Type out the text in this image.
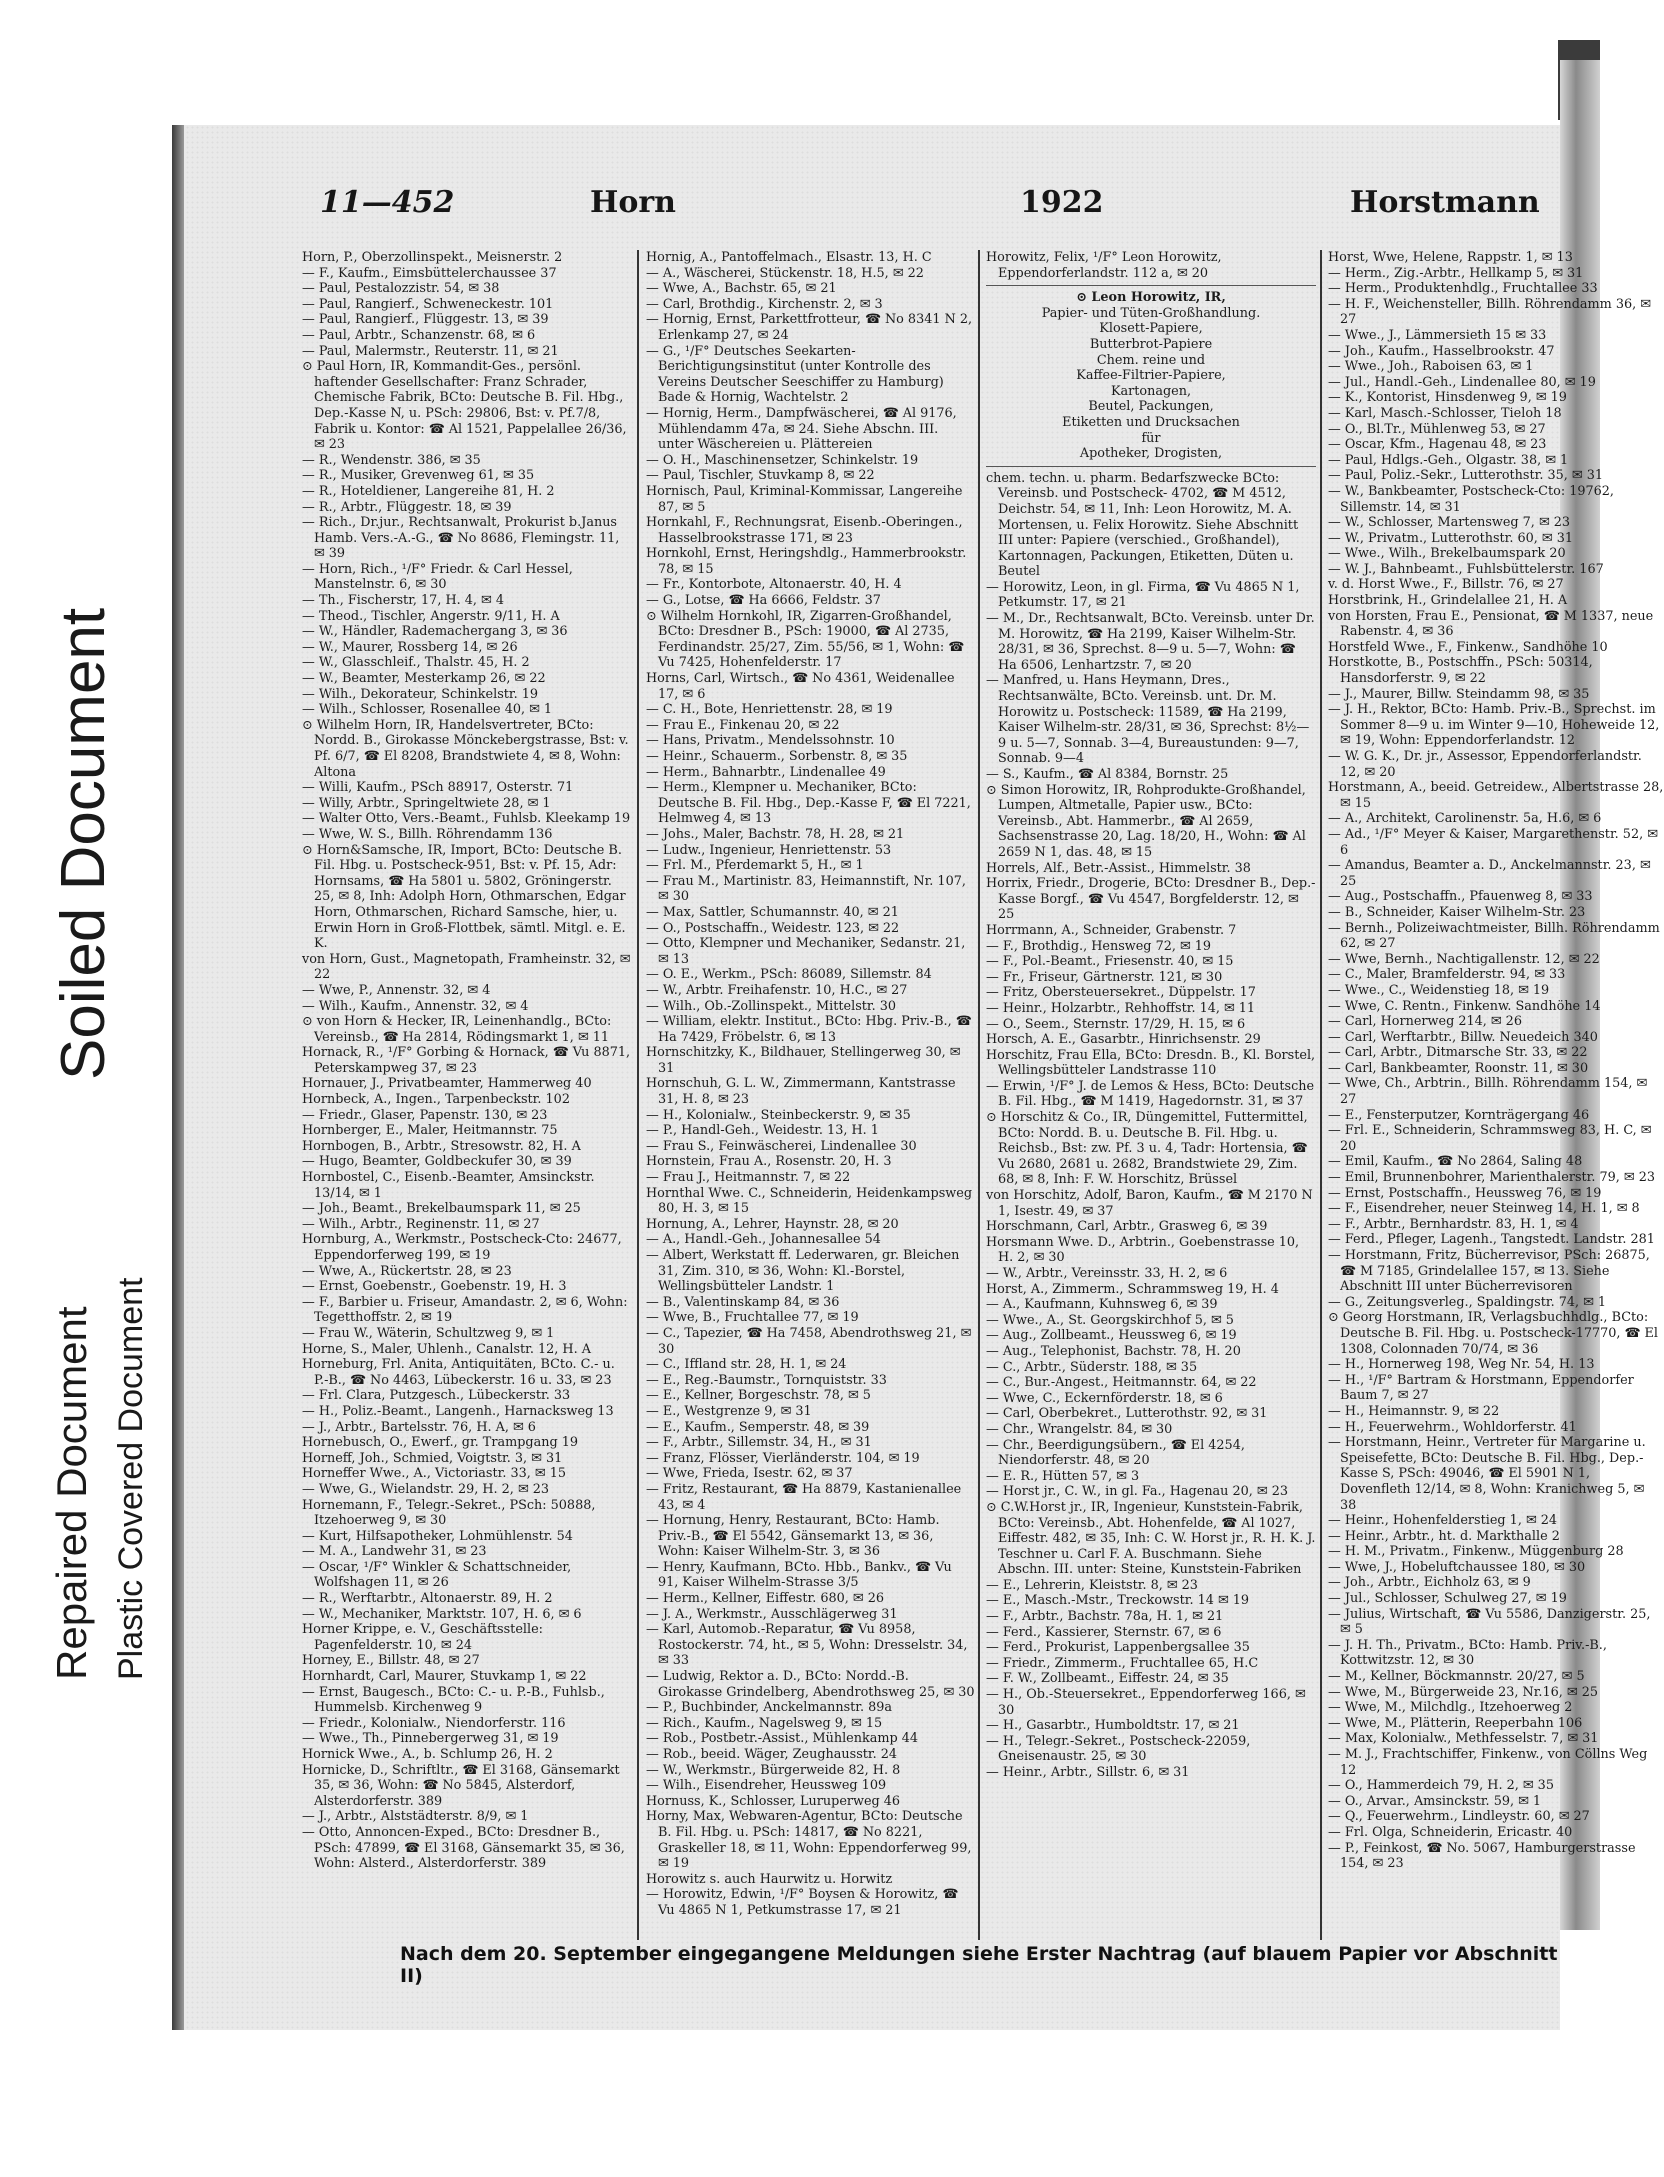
Soiled Document
Repaired Document Plastic Covered Document
11—452	Horn	1922	Horstmann

Horn, P., Oberzollinspekt., Meisnerstr. 2

— F., Kaufm., Eimsbüttelerchaussee 37

— Paul, Pestalozzistr. 54, ✉ 38

— Paul, Rangierf., Schweneckestr. 101

— Paul, Rangierf., Flüggestr. 13, ✉ 39

— Paul, Arbtr., Schanzenstr. 68, ✉ 6

— Paul, Malermstr., Reuterstr. 11, ✉ 21

⊙ Paul Horn, IR, Kommandit-Ges., persönl. haftender Gesellschafter: Franz Schrader, Chemische Fabrik, BCto: Deutsche B. Fil. Hbg., Dep.-Kasse N, u. PSch: 29806, Bst: v. Pf.7/8, Fabrik u. Kontor: ☎ Al 1521, Pappelallee 26/36, ✉ 23

— R., Wendenstr. 386, ✉ 35

— R., Musiker, Grevenweg 61, ✉ 35

— R., Hoteldiener, Langereihe 81, H. 2

— R., Arbtr., Flüggestr. 18, ✉ 39

— Rich., Dr.jur., Rechtsanwalt, Prokurist b.Janus Hamb. Vers.-A.-G., ☎ No 8686, Flemingstr. 11, ✉ 39

— Horn, Rich., ¹/F° Friedr. & Carl Hessel, Manstelnstr. 6, ✉ 30

— Th., Fischerstr, 17, H. 4, ✉ 4

— Theod., Tischler, Angerstr. 9/11, H. A

— W., Händler, Rademachergang 3, ✉ 36

— W., Maurer, Rossberg 14, ✉ 26

— W., Glasschleif., Thalstr. 45, H. 2

— W., Beamter, Mesterkamp 26, ✉ 22

— Wilh., Dekorateur, Schinkelstr. 19

— Wilh., Schlosser, Rosenallee 40, ✉ 1

⊙ Wilhelm Horn, IR, Handelsvertreter, BCto: Nordd. B., Girokasse Mönckebergstrasse, Bst: v. Pf. 6/7, ☎ El 8208, Brandstwiete 4, ✉ 8, Wohn: Altona

— Willi, Kaufm., PSch 88917, Osterstr. 71

— Willy, Arbtr., Springeltwiete 28, ✉ 1

— Walter Otto, Vers.-Beamt., Fuhlsb. Kleekamp 19

— Wwe, W. S., Billh. Röhrendamm 136

⊙ Horn&Samsche, IR, Import, BCto: Deutsche B. Fil. Hbg. u. Postscheck-951, Bst: v. Pf. 15, Adr: Hornsams, ☎ Ha 5801 u. 5802, Gröningerstr. 25, ✉ 8, Inh: Adolph Horn, Othmarschen, Edgar Horn, Othmarschen, Richard Samsche, hier, u. Erwin Horn in Groß-Flottbek, sämtl. Mitgl. e. E. K.

von Horn, Gust., Magnetopath, Framheinstr. 32, ✉ 22

— Wwe, P., Annenstr. 32, ✉ 4

— Wilh., Kaufm., Annenstr. 32, ✉ 4

⊙ von Horn & Hecker, IR, Leinenhandlg., BCto: Vereinsb., ☎ Ha 2814, Rödingsmarkt 1, ✉ 11

Hornack, R., ¹/F° Gorbing & Hornack, ☎ Vu 8871, Peterskampweg 37, ✉ 23

Hornauer, J., Privatbeamter, Hammerweg 40

Hornbeck, A., Ingen., Tarpenbeckstr. 102

— Friedr., Glaser, Papenstr. 130, ✉ 23

Hornberger, E., Maler, Heitmannstr. 75

Hornbogen, B., Arbtr., Stresowstr. 82, H. A

— Hugo, Beamter, Goldbeckufer 30, ✉ 39

Hornbostel, C., Eisenb.-Beamter, Amsinckstr. 13/14, ✉ 1

— Joh., Beamt., Brekelbaumspark 11, ✉ 25

— Wilh., Arbtr., Reginenstr. 11, ✉ 27

Hornburg, A., Werkmstr., Postscheck-Cto: 24677, Eppendorferweg 199, ✉ 19

— Wwe, A., Rückertstr. 28, ✉ 23

— Ernst, Goebenstr., Goebenstr. 19, H. 3

— F., Barbier u. Friseur, Amandastr. 2, ✉ 6, Wohn: Tegetthoffstr. 2, ✉ 19

— Frau W., Wäterin, Schultzweg 9, ✉ 1

Horne, S., Maler, Uhlenh., Canalstr. 12, H. A

Horneburg, Frl. Anita, Antiquitäten, BCto. C.- u. P.-B., ☎ No 4463, Lübeckerstr. 16 u. 33, ✉ 23

— Frl. Clara, Putzgesch., Lübeckerstr. 33

— H., Poliz.-Beamt., Langenh., Harnacksweg 13

— J., Arbtr., Bartelsstr. 76, H. A, ✉ 6

Hornebusch, O., Ewerf., gr. Trampgang 19

Horneff, Joh., Schmied, Voigtstr. 3, ✉ 31

Horneffer Wwe., A., Victoriastr. 33, ✉ 15

— Wwe, G., Wielandstr. 29, H. 2, ✉ 23

Hornemann, F., Telegr.-Sekret., PSch: 50888, Itzehoerweg 9, ✉ 30

— Kurt, Hilfsapotheker, Lohmühlenstr. 54

— M. A., Landwehr 31, ✉ 23

— Oscar, ¹/F° Winkler & Schattschneider, Wolfshagen 11, ✉ 26

— R., Werftarbtr., Altonaerstr. 89, H. 2

— W., Mechaniker, Marktstr. 107, H. 6, ✉ 6

Horner Krippe, e. V., Geschäftsstelle: Pagenfelderstr. 10, ✉ 24

Horney, E., Billstr. 48, ✉ 27

Hornhardt, Carl, Maurer, Stuvkamp 1, ✉ 22

— Ernst, Baugesch., BCto: C.- u. P.-B., Fuhlsb., Hummelsb. Kirchenweg 9

— Friedr., Kolonialw., Niendorferstr. 116

— Wwe., Th., Pinnebergerweg 31, ✉ 19

Hornick Wwe., A., b. Schlump 26, H. 2

Hornicke, D., Schriftltr., ☎ El 3168, Gänsemarkt 35, ✉ 36, Wohn: ☎ No 5845, Alsterdorf, Alsterdorferstr. 389

— J., Arbtr., Alststädterstr. 8/9, ✉ 1

— Otto, Annoncen-Exped., BCto: Dresdner B., PSch: 47899, ☎ El 3168, Gänsemarkt 35, ✉ 36, Wohn: Alsterd., Alsterdorferstr. 389

Hornig, A., Pantoffelmach., Elsastr. 13, H. C

— A., Wäscherei, Stückenstr. 18, H.5, ✉ 22

— Wwe, A., Bachstr. 65, ✉ 21

— Carl, Brothdig., Kirchenstr. 2, ✉ 3

— Hornig, Ernst, Parkettfrotteur, ☎ No 8341 N 2, Erlenkamp 27, ✉ 24

— G., ¹/F° Deutsches Seekarten-Berichtigungsinstitut (unter Kontrolle des Vereins Deutscher Seeschiffer zu Hamburg) Bade & Hornig, Wachtelstr. 2

— Hornig, Herm., Dampfwäscherei, ☎ Al 9176, Mühlendamm 47a, ✉ 24. Siehe Abschn. III. unter Wäschereien u. Plättereien

— O. H., Maschinensetzer, Schinkelstr. 19

— Paul, Tischler, Stuvkamp 8, ✉ 22

Hornisch, Paul, Kriminal-Kommissar, Langereihe 87, ✉ 5

Hornkahl, F., Rechnungsrat, Eisenb.-Oberingen., Hasselbrookstrasse 171, ✉ 23

Hornkohl, Ernst, Heringshdlg., Hammerbrookstr. 78, ✉ 15

— Fr., Kontorbote, Altonaerstr. 40, H. 4

— G., Lotse, ☎ Ha 6666, Feldstr. 37

⊙ Wilhelm Hornkohl, IR, Zigarren-Großhandel, BCto: Dresdner B., PSch: 19000, ☎ Al 2735, Ferdinandstr. 25/27, Zim. 55/56, ✉ 1, Wohn: ☎ Vu 7425, Hohenfelderstr. 17

Horns, Carl, Wirtsch., ☎ No 4361, Weidenallee 17, ✉ 6

— C. H., Bote, Henriettenstr. 28, ✉ 19

— Frau E., Finkenau 20, ✉ 22

— Hans, Privatm., Mendelssohnstr. 10

— Heinr., Schauerm., Sorbenstr. 8, ✉ 35

— Herm., Bahnarbtr., Lindenallee 49

— Herm., Klempner u. Mechaniker, BCto: Deutsche B. Fil. Hbg., Dep.-Kasse F, ☎ El 7221, Helmweg 4, ✉ 13

— Johs., Maler, Bachstr. 78, H. 28, ✉ 21

— Ludw., Ingenieur, Henriettenstr. 53

— Frl. M., Pferdemarkt 5, H., ✉ 1

— Frau M., Martinistr. 83, Heimannstift, Nr. 107, ✉ 30

— Max, Sattler, Schumannstr. 40, ✉ 21

— O., Postschaffn., Weidestr. 123, ✉ 22

— Otto, Klempner und Mechaniker, Sedanstr. 21, ✉ 13

— O. E., Werkm., PSch: 86089, Sillemstr. 84

— W., Arbtr. Freihafenstr. 10, H.C., ✉ 27

— Wilh., Ob.-Zollinspekt., Mittelstr. 30

— William, elektr. Institut., BCto: Hbg. Priv.-B., ☎ Ha 7429, Fröbelstr. 6, ✉ 13

Hornschitzky, K., Bildhauer, Stellingerweg 30, ✉ 31

Hornschuh, G. L. W., Zimmermann, Kantstrasse 31, H. 8, ✉ 23

— H., Kolonialw., Steinbeckerstr. 9, ✉ 35

— P., Handl-Geh., Weidestr. 13, H. 1

— Frau S., Feinwäscherei, Lindenallee 30

Hornstein, Frau A., Rosenstr. 20, H. 3

— Frau J., Heitmannstr. 7, ✉ 22

Hornthal Wwe. C., Schneiderin, Heidenkampsweg 80, H. 3, ✉ 15

Hornung, A., Lehrer, Haynstr. 28, ✉ 20

— A., Handl.-Geh., Johannesallee 54

— Albert, Werkstatt ff. Lederwaren, gr. Bleichen 31, Zim. 310, ✉ 36, Wohn: Kl.-Borstel, Wellingsbütteler Landstr. 1

— B., Valentinskamp 84, ✉ 36

— Wwe, B., Fruchtallee 77, ✉ 19

— C., Tapezier, ☎ Ha 7458, Abendrothsweg 21, ✉ 30

— C., Iffland str. 28, H. 1, ✉ 24

— E., Reg.-Baumstr., Tornquiststr. 33

— E., Kellner, Borgeschstr. 78, ✉ 5

— E., Westgrenze 9, ✉ 31

— E., Kaufm., Semperstr. 48, ✉ 39

— F., Arbtr., Sillemstr. 34, H., ✉ 31

— Franz, Flösser, Vierländerstr. 104, ✉ 19

— Wwe, Frieda, Isestr. 62, ✉ 37

— Fritz, Restaurant, ☎ Ha 8879, Kastanienallee 43, ✉ 4

— Hornung, Henry, Restaurant, BCto: Hamb. Priv.-B., ☎ El 5542, Gänsemarkt 13, ✉ 36, Wohn: Kaiser Wilhelm-Str. 3, ✉ 36

— Henry, Kaufmann, BCto. Hbb., Bankv., ☎ Vu 91, Kaiser Wilhelm-Strasse 3/5

— Herm., Kellner, Eiffestr. 680, ✉ 26

— J. A., Werkmstr., Ausschlägerweg 31

— Karl, Automob.-Reparatur, ☎ Vu 8958, Rostockerstr. 74, ht., ✉ 5, Wohn: Dresselstr. 34, ✉ 33

— Ludwig, Rektor a. D., BCto: Nordd.-B. Girokasse Grindelberg, Abendrothsweg 25, ✉ 30

— P., Buchbinder, Anckelmannstr. 89a

— Rich., Kaufm., Nagelsweg 9, ✉ 15

— Rob., Postbetr.-Assist., Mühlenkamp 44

— Rob., beeid. Wäger, Zeughausstr. 24

— W., Werkmstr., Bürgerweide 82, H. 8

— Wilh., Eisendreher, Heussweg 109

Hornuss, K., Schlosser, Luruperweg 46

Horny, Max, Webwaren-Agentur, BCto: Deutsche B. Fil. Hbg. u. PSch: 14817, ☎ No 8221, Graskeller 18, ✉ 11, Wohn: Eppendorferweg 99, ✉ 19

Horowitz s. auch Haurwitz u. Horwitz

— Horowitz, Edwin, ¹/F° Boysen & Horowitz, ☎ Vu 4865 N 1, Petkumstrasse 17, ✉ 21

Horowitz, Felix, ¹/F° Leon Horowitz, Eppendorferlandstr. 112 a, ✉ 20

⊙ Leon Horowitz, IR,
Papier- und Tüten-Großhandlung.
Klosett-Papiere,
Butterbrot-Papiere
Chem. reine und
Kaffee-Filtrier-Papiere,
Kartonagen,
Beutel, Packungen,
Etiketten und Drucksachen
für
Apotheker, Drogisten,

chem. techn. u. pharm. Bedarfszwecke BCto: Vereinsb. und Postscheck- 4702, ☎ M 4512, Deichstr. 54, ✉ 11, Inh: Leon Horowitz, M. A. Mortensen, u. Felix Horowitz. Siehe Abschnitt III unter: Papiere (verschied., Großhandel), Kartonnagen, Packungen, Etiketten, Düten u. Beutel

— Horowitz, Leon, in gl. Firma, ☎ Vu 4865 N 1, Petkumstr. 17, ✉ 21

— M., Dr., Rechtsanwalt, BCto. Vereinsb. unter Dr. M. Horowitz, ☎ Ha 2199, Kaiser Wilhelm-Str. 28/31, ✉ 36, Sprechst. 8—9 u. 5—7, Wohn: ☎ Ha 6506, Lenhartzstr. 7, ✉ 20

— Manfred, u. Hans Heymann, Dres., Rechtsanwälte, BCto. Vereinsb. unt. Dr. M. Horowitz u. Postscheck: 11589, ☎ Ha 2199, Kaiser Wilhelm-str. 28/31, ✉ 36, Sprechst: 8½—9 u. 5—7, Sonnab. 3—4, Bureaustunden: 9—7, Sonnab. 9—4

— S., Kaufm., ☎ Al 8384, Bornstr. 25

⊙ Simon Horowitz, IR, Rohprodukte-Großhandel, Lumpen, Altmetalle, Papier usw., BCto: Vereinsb., Abt. Hammerbr., ☎ Al 2659, Sachsenstrasse 20, Lag. 18/20, H., Wohn: ☎ Al 2659 N 1, das. 48, ✉ 15

Horrels, Alf., Betr.-Assist., Himmelstr. 38

Horrix, Friedr., Drogerie, BCto: Dresdner B., Dep.-Kasse Borgf., ☎ Vu 4547, Borgfelderstr. 12, ✉ 25

Horrmann, A., Schneider, Grabenstr. 7

— F., Brothdig., Hensweg 72, ✉ 19

— F., Pol.-Beamt., Friesenstr. 40, ✉ 15

— Fr., Friseur, Gärtnerstr. 121, ✉ 30

— Fritz, Obersteuersekret., Düppelstr. 17

— Heinr., Holzarbtr., Rehhoffstr. 14, ✉ 11

— O., Seem., Sternstr. 17/29, H. 15, ✉ 6

Horsch, A. E., Gasarbtr., Hinrichsenstr. 29

Horschitz, Frau Ella, BCto: Dresdn. B., Kl. Borstel, Wellingsbütteler Landstrasse 110

— Erwin, ¹/F° J. de Lemos & Hess, BCto: Deutsche B. Fil. Hbg., ☎ M 1419, Hagedornstr. 31, ✉ 37

⊙ Horschitz & Co., IR, Düngemittel, Futtermittel, BCto: Nordd. B. u. Deutsche B. Fil. Hbg. u. Reichsb., Bst: zw. Pf. 3 u. 4, Tadr: Hortensia, ☎ Vu 2680, 2681 u. 2682, Brandstwiete 29, Zim. 68, ✉ 8, Inh: F. W. Horschitz, Brüssel

von Horschitz, Adolf, Baron, Kaufm., ☎ M 2170 N 1, Isestr. 49, ✉ 37

Horschmann, Carl, Arbtr., Grasweg 6, ✉ 39

Horsmann Wwe. D., Arbtrin., Goebenstrasse 10, H. 2, ✉ 30

— W., Arbtr., Vereinsstr. 33, H. 2, ✉ 6

Horst, A., Zimmerm., Schrammsweg 19, H. 4

— A., Kaufmann, Kuhnsweg 6, ✉ 39

— Wwe., A., St. Georgskirchhof 5, ✉ 5

— Aug., Zollbeamt., Heussweg 6, ✉ 19

— Aug., Telephonist, Bachstr. 78, H. 20

— C., Arbtr., Süderstr. 188, ✉ 35

— C., Bur.-Angest., Heitmannstr. 64, ✉ 22

— Wwe, C., Eckernförderstr. 18, ✉ 6

— Carl, Oberbekret., Lutterothstr. 92, ✉ 31

— Chr., Wrangelstr. 84, ✉ 30

— Chr., Beerdigungsübern., ☎ El 4254, Niendorferstr. 48, ✉ 20

— E. R., Hütten 57, ✉ 3

— Horst jr., C. W., in gl. Fa., Hagenau 20, ✉ 23

⊙ C.W.Horst jr., IR, Ingenieur, Kunststein-Fabrik, BCto: Vereinsb., Abt. Hohenfelde, ☎ Al 1027, Eiffestr. 482, ✉ 35, Inh: C. W. Horst jr., R. H. K. J. Teschner u. Carl F. A. Buschmann. Siehe Abschn. III. unter: Steine, Kunststein-Fabriken

— E., Lehrerin, Kleiststr. 8, ✉ 23

— E., Masch.-Mstr., Treckowstr. 14 ✉ 19

— F., Arbtr., Bachstr. 78a, H. 1, ✉ 21

— Ferd., Kassierer, Sternstr. 67, ✉ 6

— Ferd., Prokurist, Lappenbergsallee 35

— Friedr., Zimmerm., Fruchtallee 65, H.C

— F. W., Zollbeamt., Eiffestr. 24, ✉ 35

— H., Ob.-Steuersekret., Eppendorferweg 166, ✉ 30

— H., Gasarbtr., Humboldtstr. 17, ✉ 21

— H., Telegr.-Sekret., Postscheck-22059, Gneisenaustr. 25, ✉ 30

— Heinr., Arbtr., Sillstr. 6, ✉ 31

Horst, Wwe, Helene, Rappstr. 1, ✉ 13

— Herm., Zig.-Arbtr., Hellkamp 5, ✉ 31

— Herm., Produktenhdlg., Fruchtallee 33

— H. F., Weichensteller, Billh. Röhrendamm 36, ✉ 27

— Wwe., J., Lämmersieth 15 ✉ 33

— Joh., Kaufm., Hasselbrookstr. 47

— Wwe., Joh., Raboisen 63, ✉ 1

— Jul., Handl.-Geh., Lindenallee 80, ✉ 19

— K., Kontorist, Hinsdenweg 9, ✉ 19

— Karl, Masch.-Schlosser, Tieloh 18

— O., Bl.Tr., Mühlenweg 53, ✉ 27

— Oscar, Kfm., Hagenau 48, ✉ 23

— Paul, Hdlgs.-Geh., Olgastr. 38, ✉ 1

— Paul, Poliz.-Sekr., Lutterothstr. 35, ✉ 31

— W., Bankbeamter, Postscheck-Cto: 19762, Sillemstr. 14, ✉ 31

— W., Schlosser, Martensweg 7, ✉ 23

— W., Privatm., Lutterothstr. 60, ✉ 31

— Wwe., Wilh., Brekelbaumspark 20

— W. J., Bahnbeamt., Fuhlsbüttelerstr. 167

v. d. Horst Wwe., F., Billstr. 76, ✉ 27

Horstbrink, H., Grindelallee 21, H. A

von Horsten, Frau E., Pensionat, ☎ M 1337, neue Rabenstr. 4, ✉ 36

Horstfeld Wwe., F., Finkenw., Sandhöhe 10

Horstkotte, B., Postschffn., PSch: 50314, Hansdorferstr. 9, ✉ 22

— J., Maurer, Billw. Steindamm 98, ✉ 35

— J. H., Rektor, BCto: Hamb. Priv.-B., Sprechst. im Sommer 8—9 u. im Winter 9—10, Hoheweide 12, ✉ 19, Wohn: Eppendorferlandstr. 12

— W. G. K., Dr. jr., Assessor, Eppendorferlandstr. 12, ✉ 20

Horstmann, A., beeid. Getreidew., Albertstrasse 28, ✉ 15

— A., Architekt, Carolinenstr. 5a, H.6, ✉ 6

— Ad., ¹/F° Meyer & Kaiser, Margarethenstr. 52, ✉ 6

— Amandus, Beamter a. D., Anckelmannstr. 23, ✉ 25

— Aug., Postschaffn., Pfauenweg 8, ✉ 33

— B., Schneider, Kaiser Wilhelm-Str. 23

— Bernh., Polizeiwachtmeister, Billh. Röhrendamm 62, ✉ 27

— Wwe, Bernh., Nachtigallenstr. 12, ✉ 22

— C., Maler, Bramfelderstr. 94, ✉ 33

— Wwe., C., Weidenstieg 18, ✉ 19

— Wwe, C. Rentn., Finkenw. Sandhöhe 14

— Carl, Hornerweg 214, ✉ 26

— Carl, Werftarbtr., Billw. Neuedeich 340

— Carl, Arbtr., Ditmarsche Str. 33, ✉ 22

— Carl, Bankbeamter, Roonstr. 11, ✉ 30

— Wwe, Ch., Arbtrin., Billh. Röhrendamm 154, ✉ 27

— E., Fensterputzer, Kornträgergang 46

— Frl. E., Schneiderin, Schrammsweg 83, H. C, ✉ 20

— Emil, Kaufm., ☎ No 2864, Saling 48

— Emil, Brunnenbohrer, Marienthalerstr. 79, ✉ 23

— Ernst, Postschaffn., Heussweg 76, ✉ 19

— F., Eisendreher, neuer Steinweg 14, H. 1, ✉ 8

— F., Arbtr., Bernhardstr. 83, H. 1, ✉ 4

— Ferd., Pfleger, Lagenh., Tangstedt. Landstr. 281

— Horstmann, Fritz, Bücherrevisor, PSch: 26875, ☎ M 7185, Grindelallee 157, ✉ 13. Siehe Abschnitt III unter Bücherrevisoren

— G., Zeitungsverleg., Spaldingstr. 74, ✉ 1

⊙ Georg Horstmann, IR, Verlagsbuchhdlg., BCto: Deutsche B. Fil. Hbg. u. Postscheck-17770, ☎ El 1308, Colonnaden 70/74, ✉ 36

— H., Hornerweg 198, Weg Nr. 54, H. 13

— H., ¹/F° Bartram & Horstmann, Eppendorfer Baum 7, ✉ 27

— H., Heimannstr. 9, ✉ 22

— H., Feuerwehrm., Wohldorferstr. 41

— Horstmann, Heinr., Vertreter für Margarine u. Speisefette, BCto: Deutsche B. Fil. Hbg., Dep.-Kasse S, PSch: 49046, ☎ El 5901 N 1, Dovenfleth 12/14, ✉ 8, Wohn: Kranichweg 5, ✉ 38

— Heinr., Hohenfelderstieg 1, ✉ 24

— Heinr., Arbtr., ht. d. Markthalle 2

— H. M., Privatm., Finkenw., Müggenburg 28

— Wwe, J., Hobeluftchaussee 180, ✉ 30

— Joh., Arbtr., Eichholz 63, ✉ 9

— Jul., Schlosser, Schulweg 27, ✉ 19

— Julius, Wirtschaft, ☎ Vu 5586, Danzigerstr. 25, ✉ 5

— J. H. Th., Privatm., BCto: Hamb. Priv.-B., Kottwitzstr. 12, ✉ 30

— M., Kellner, Böckmannstr. 20/27, ✉ 5

— Wwe, M., Bürgerweide 23, Nr.16, ✉ 25

— Wwe, M., Milchdlg., Itzehoerweg 2

— Wwe, M., Plätterin, Reeperbahn 106

— Max, Kolonialw., Methfesselstr. 7, ✉ 31

— M. J., Frachtschiffer, Finkenw., von Cöllns Weg 12

— O., Hammerdeich 79, H. 2, ✉ 35

— O., Arvar., Amsinckstr. 59, ✉ 1

— Q., Feuerwehrm., Lindleystr. 60, ✉ 27

— Frl. Olga, Schneiderin, Ericastr. 40

— P., Feinkost, ☎ No. 5067, Hamburgerstrasse 154, ✉ 23

Nach dem 20. September eingegangene Meldungen siehe Erster Nachtrag (auf blauem Papier vor Abschnitt II)
